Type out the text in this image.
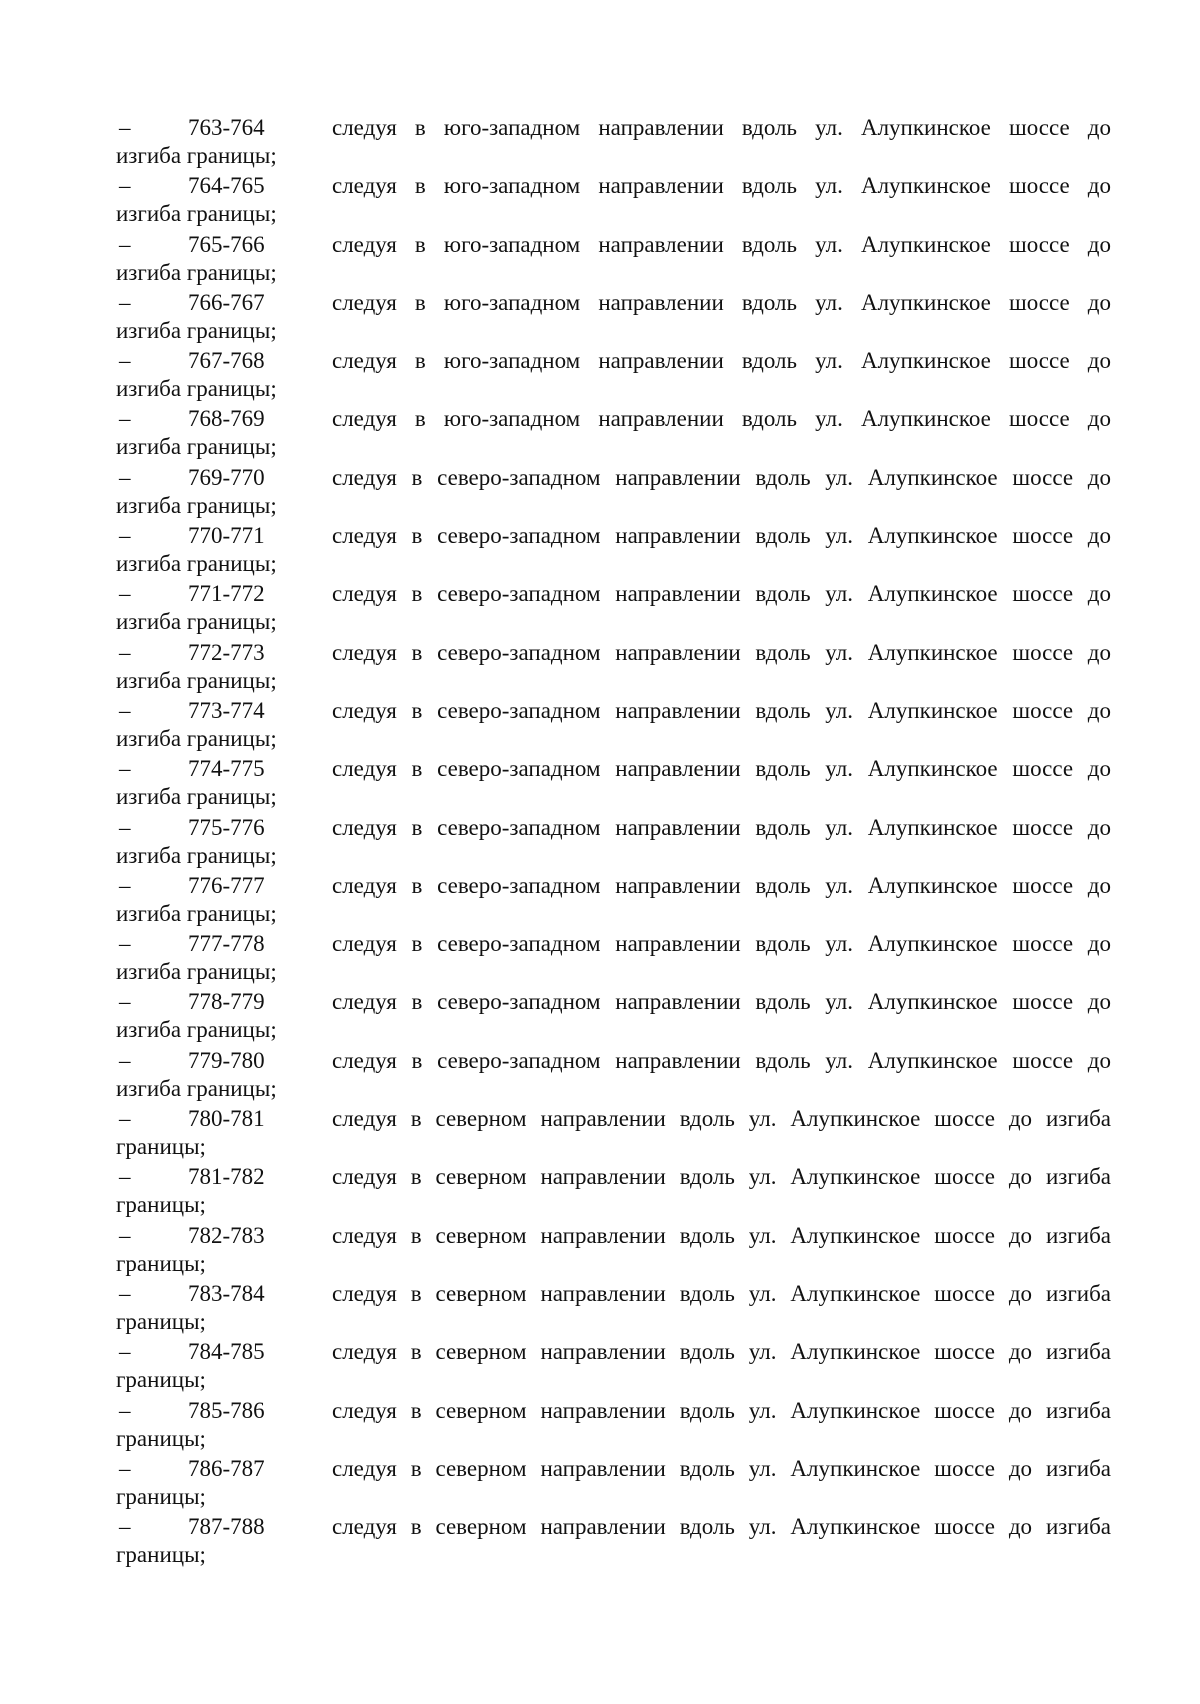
–	763-764	следуя в юго-западном направлении вдоль ул. Алупкинское шоссе до
изгиба границы;
–	764-765	следуя в юго-западном направлении вдоль ул. Алупкинское шоссе до
изгиба границы;
–	765-766	следуя в юго-западном направлении вдоль ул. Алупкинское шоссе до
изгиба границы;
–	766-767	следуя в юго-западном направлении вдоль ул. Алупкинское шоссе до
изгиба границы;
–	767-768	следуя в юго-западном направлении вдоль ул. Алупкинское шоссе до
изгиба границы;
–	768-769	следуя в юго-западном направлении вдоль ул. Алупкинское шоссе до
изгиба границы;
–	769-770	следуя в северо-западном направлении вдоль ул. Алупкинское шоссе до
изгиба границы;
–	770-771	следуя в северо-западном направлении вдоль ул. Алупкинское шоссе до
изгиба границы;
–	771-772	следуя в северо-западном направлении вдоль ул. Алупкинское шоссе до
изгиба границы;
–	772-773	следуя в северо-западном направлении вдоль ул. Алупкинское шоссе до
изгиба границы;
–	773-774	следуя в северо-западном направлении вдоль ул. Алупкинское шоссе до
изгиба границы;
–	774-775	следуя в северо-западном направлении вдоль ул. Алупкинское шоссе до
изгиба границы;
–	775-776	следуя в северо-западном направлении вдоль ул. Алупкинское шоссе до
изгиба границы;
–	776-777	следуя в северо-западном направлении вдоль ул. Алупкинское шоссе до
изгиба границы;
–	777-778	следуя в северо-западном направлении вдоль ул. Алупкинское шоссе до
изгиба границы;
–	778-779	следуя в северо-западном направлении вдоль ул. Алупкинское шоссе до
изгиба границы;
–	779-780	следуя в северо-западном направлении вдоль ул. Алупкинское шоссе до
изгиба границы;
–	780-781	следуя в северном направлении вдоль ул. Алупкинское шоссе до изгиба
границы;
–	781-782	следуя в северном направлении вдоль ул. Алупкинское шоссе до изгиба
границы;
–	782-783	следуя в северном направлении вдоль ул. Алупкинское шоссе до изгиба
границы;
–	783-784	следуя в северном направлении вдоль ул. Алупкинское шоссе до изгиба
границы;
–	784-785	следуя в северном направлении вдоль ул. Алупкинское шоссе до изгиба
границы;
–	785-786	следуя в северном направлении вдоль ул. Алупкинское шоссе до изгиба
границы;
–	786-787	следуя в северном направлении вдоль ул. Алупкинское шоссе до изгиба
границы;
–	787-788	следуя в северном направлении вдоль ул. Алупкинское шоссе до изгиба
границы;
